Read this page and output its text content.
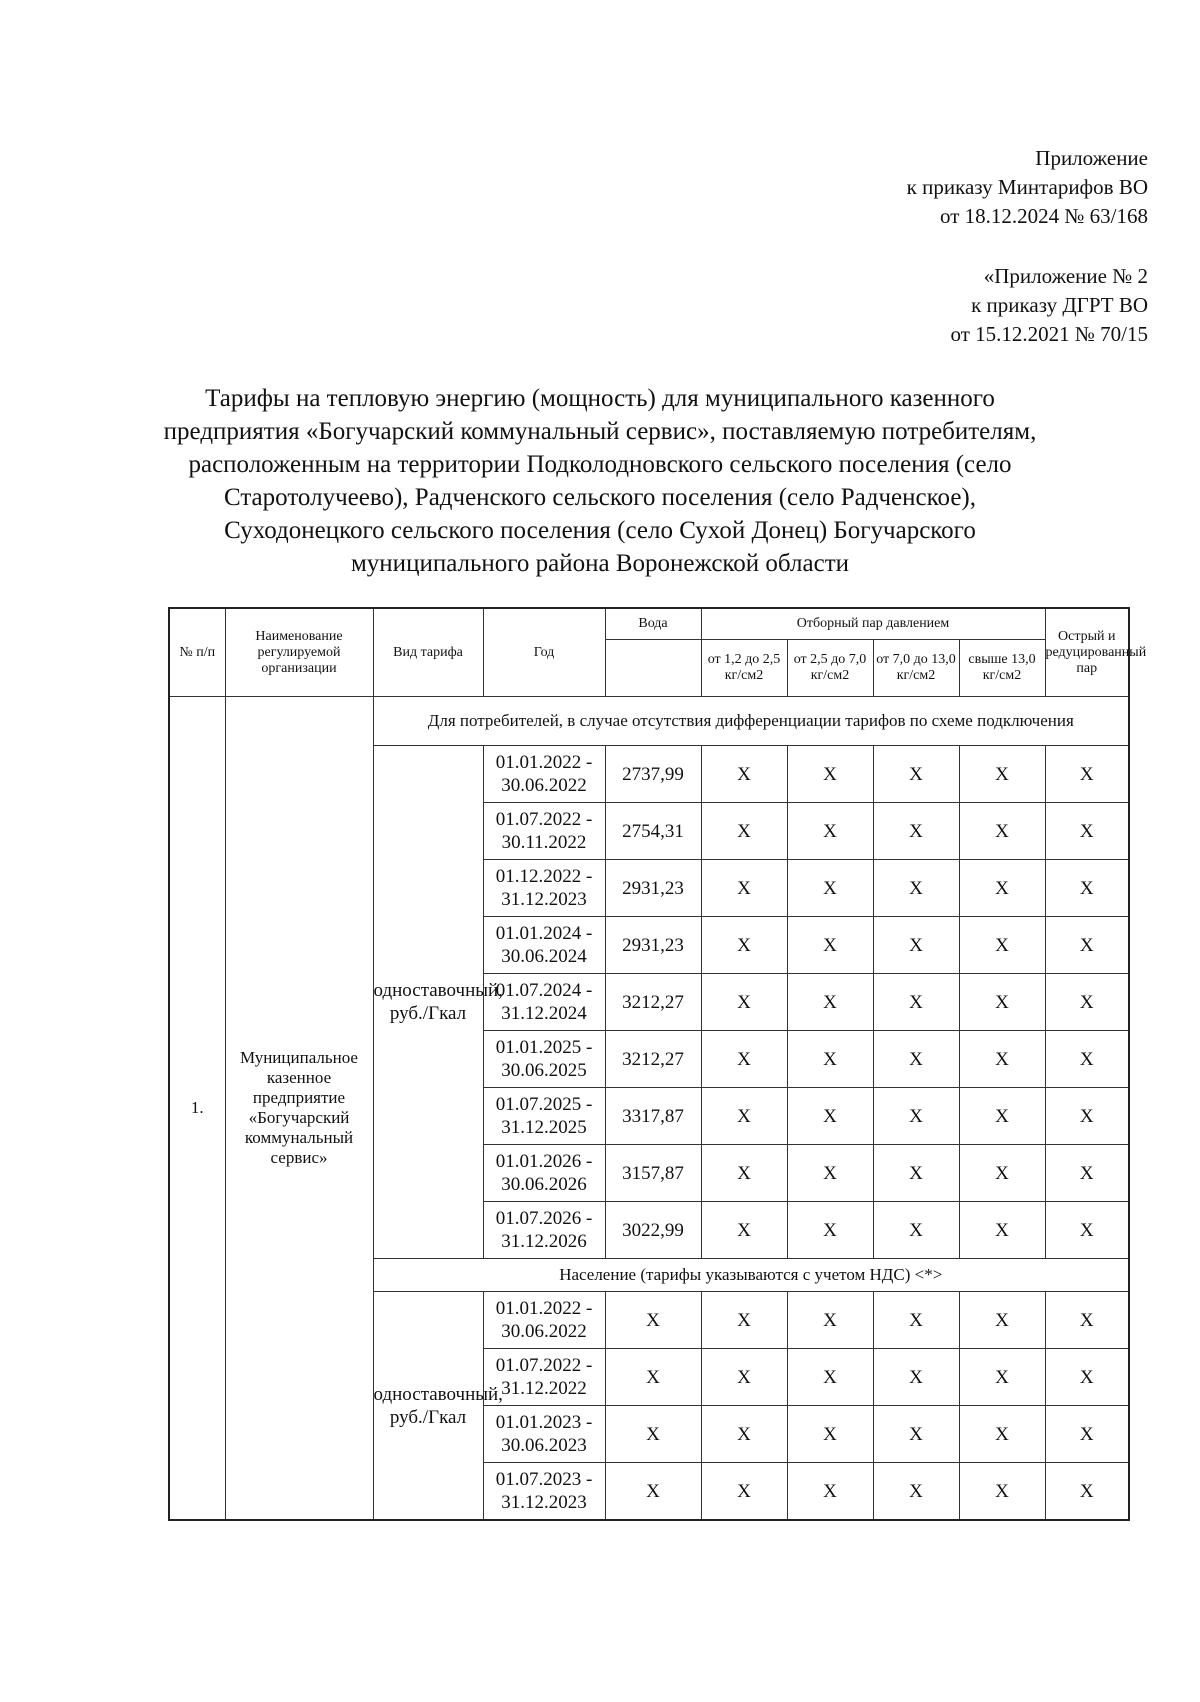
Приложение
к приказу Минтарифов ВО
от 18.12.2024 № 63/168
«Приложение № 2
к приказу ДГРТ ВО
от 15.12.2021 № 70/15
Тарифы на тепловую энергию (мощность) для муниципального казенного предприятия «Богучарский коммунальный сервис», поставляемую потребителям, расположенным на территории Подколодновского сельского поселения (село Старотолучеево), Радченского сельского поселения (село Радченское), Суходонецкого сельского поселения (село Сухой Донец) Богучарского муниципального района Воронежской области
№ п/п	Наименование регулируемой организации	Вид тарифа	Год	Вода	Отборный пар давлением				Острый и редуцированный пар
					от 1,2 до 2,5 кг/см2	от 2,5 до 7,0 кг/см2	от 7,0 до 13,0 кг/см2	свыше 13,0 кг/см2	
1.	Муниципальное казенное предприятие «Богучарский коммунальный сервис»	Для потребителей, в случае отсутствия дифференциации тарифов по схеме подключения							
		одноставочный, руб./Гкал	01.01.2022 - 30.06.2022	2737,99	X	X	X	X	X
			01.07.2022 - 30.11.2022	2754,31	X	X	X	X	X
			01.12.2022 - 31.12.2023	2931,23	X	X	X	X	X
			01.01.2024 - 30.06.2024	2931,23	X	X	X	X	X
			01.07.2024 - 31.12.2024	3212,27	X	X	X	X	X
			01.01.2025 - 30.06.2025	3212,27	X	X	X	X	X
			01.07.2025 - 31.12.2025	3317,87	X	X	X	X	X
			01.01.2026 - 30.06.2026	3157,87	X	X	X	X	X
			01.07.2026 - 31.12.2026	3022,99	X	X	X	X	X
		Население (тарифы указываются с учетом НДС) <*>							
		одноставочный, руб./Гкал	01.01.2022 - 30.06.2022	X	X	X	X	X	X
			01.07.2022 - 31.12.2022	X	X	X	X	X	X
			01.01.2023 - 30.06.2023	X	X	X	X	X	X
			01.07.2023 - 31.12.2023	X	X	X	X	X	X
